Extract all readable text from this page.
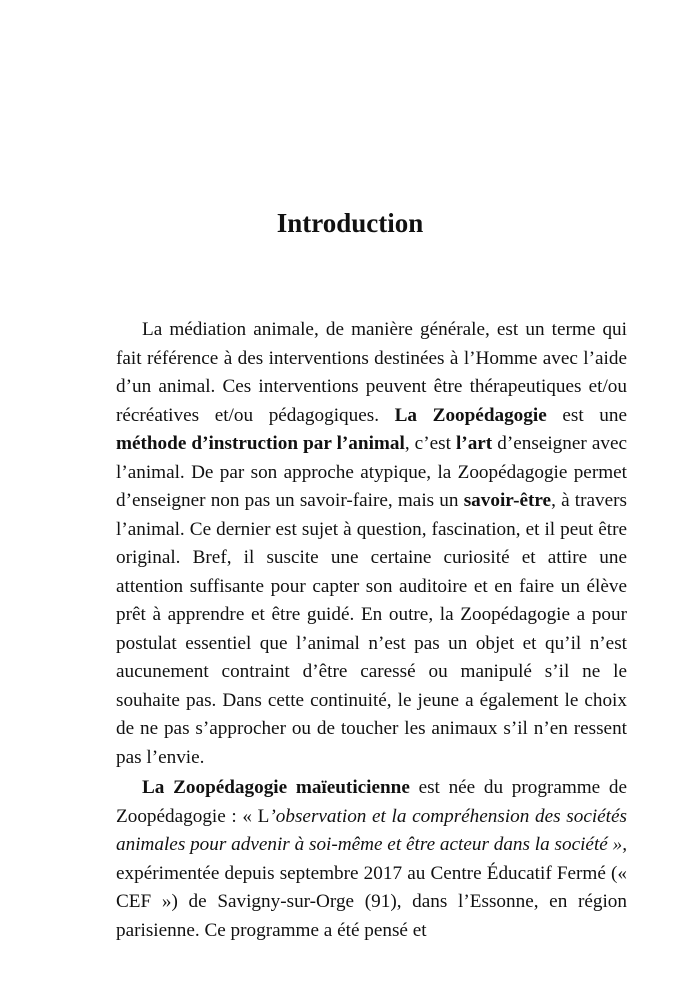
Introduction

La médiation animale, de manière générale, est un terme qui fait référence à des interventions destinées à l’Homme avec l’aide d’un animal. Ces interventions peuvent être thérapeutiques et/ou récréatives et/ou pédagogiques. La Zoopédagogie est une méthode d’instruction par l’animal, c’est l’art d’enseigner avec l’animal. De par son approche atypique, la Zoopédagogie permet d’enseigner non pas un savoir-faire, mais un savoir-être, à travers l’animal. Ce dernier est sujet à question, fascination, et il peut être original. Bref, il suscite une certaine curiosité et attire une attention suffisante pour capter son auditoire et en faire un élève prêt à apprendre et être guidé. En outre, la Zoopédagogie a pour postulat essentiel que l’animal n’est pas un objet et qu’il n’est aucunement contraint d’être caressé ou manipulé s’il ne le souhaite pas. Dans cette continuité, le jeune a également le choix de ne pas s’approcher ou de toucher les animaux s’il n’en ressent pas l’envie.

La Zoopédagogie maïeuticienne est née du programme de Zoopédagogie : « L’observation et la compréhension des sociétés animales pour advenir à soi-même et être acteur dans la société », expérimentée depuis septembre 2017 au Centre Éducatif Fermé (« CEF ») de Savigny-sur-Orge (91), dans l’Essonne, en région parisienne. Ce programme a été pensé et
